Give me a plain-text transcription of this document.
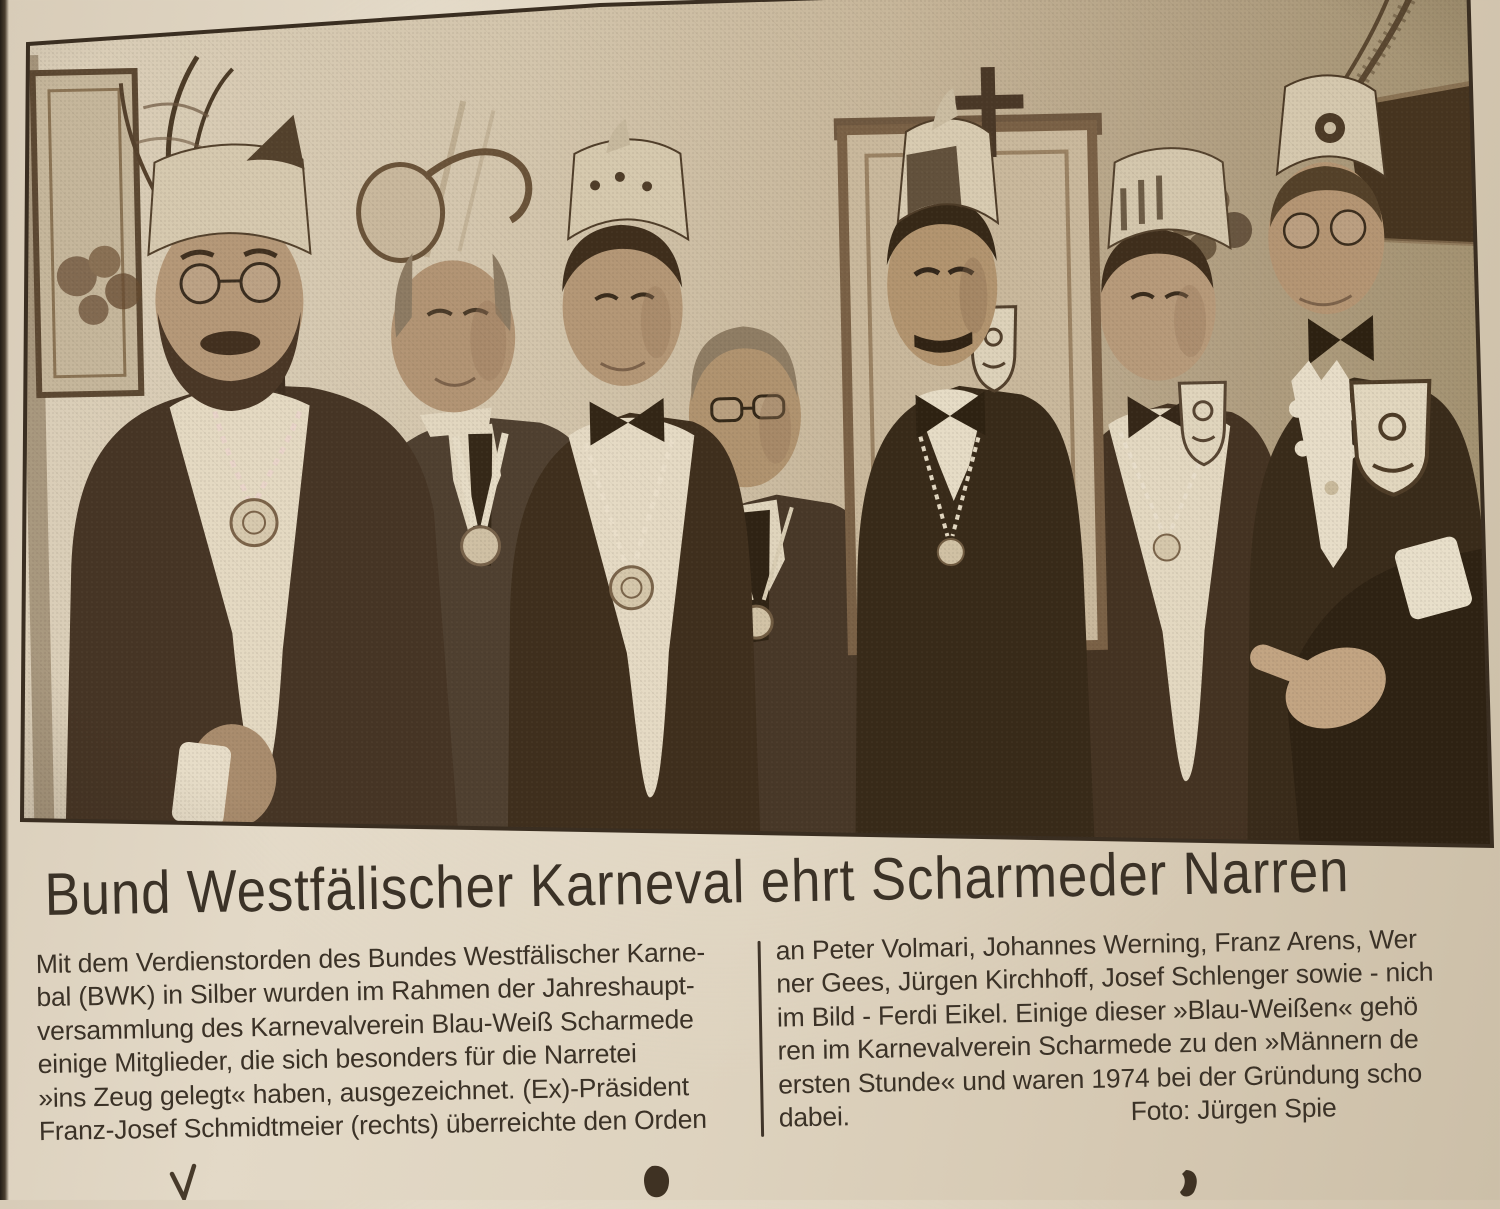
Bund Westfälischer Karneval ehrt Scharmeder Narren
Mit dem Verdienstorden des Bundes Westfälischer Karne-
bal (BWK) in Silber wurden im Rahmen der Jahreshaupt-
versammlung des Karnevalverein Blau-Weiß Scharmede
einige Mitglieder, die sich besonders für die Narretei
»ins Zeug gelegt« haben, ausgezeichnet. (Ex)-Präsident
Franz-Josef Schmidtmeier (rechts) überreichte den Orden
an Peter Volmari, Johannes Werning, Franz Arens, Wer
ner Gees, Jürgen Kirchhoff, Josef Schlenger sowie - nich
im Bild - Ferdi Eikel. Einige dieser »Blau-Weißen« gehö
ren im Karnevalverein Scharmede zu den »Männern de
ersten Stunde« und waren 1974 bei der Gründung scho
dabei.	Foto: Jürgen Spie
